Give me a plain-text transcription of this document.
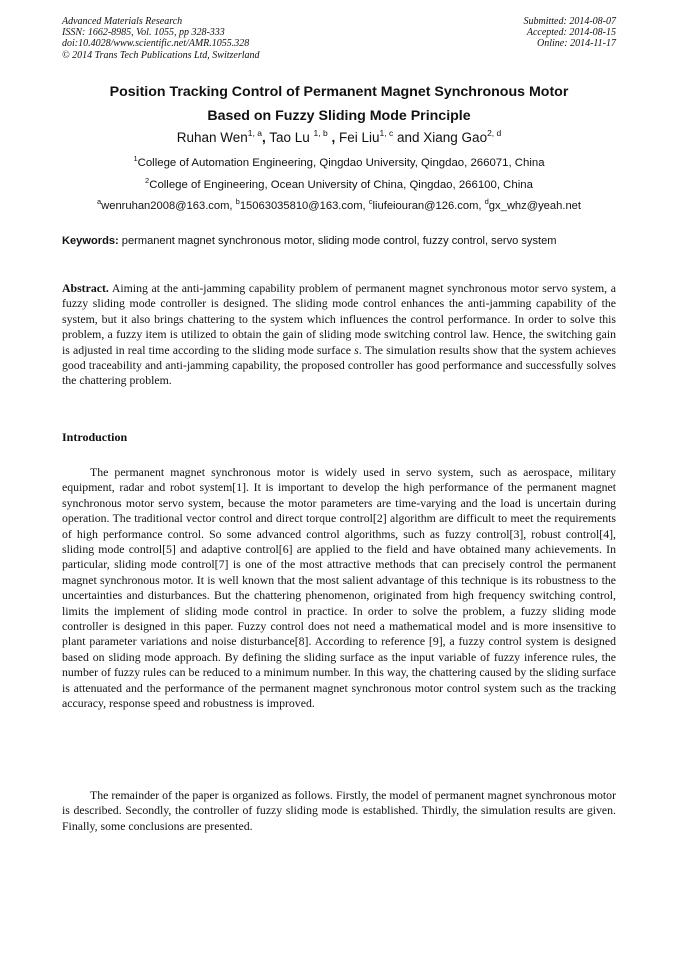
Advanced Materials Research
ISSN: 1662-8985, Vol. 1055, pp 328-333
doi:10.4028/www.scientific.net/AMR.1055.328
© 2014 Trans Tech Publications Ltd, Switzerland
Submitted: 2014-08-07
Accepted: 2014-08-15
Online: 2014-11-17
Position Tracking Control of Permanent Magnet Synchronous Motor
Based on Fuzzy Sliding Mode Principle
Ruhan Wen$^{1, a}$, Tao Lu $^{1, b}$ , Fei Liu$^{1, c}$ and Xiang Gao$^{2, d}$
$^1$College of Automation Engineering, Qingdao University, Qingdao, 266071, China
$^2$College of Engineering, Ocean University of China, Qingdao, 266100, China
$^a$wenruhan2008@163.com, $^b$15063035810@163.com, $^c$liufeiouran@126.com, $^d$gx_whz@yeah.net
Keywords: permanent magnet synchronous motor, sliding mode control, fuzzy control, servo system
Abstract. Aiming at the anti-jamming capability problem of permanent magnet synchronous motor servo system, a fuzzy sliding mode controller is designed. The sliding mode control enhances the anti-jamming capability of the system, but it also brings chattering to the system which influences the control performance. In order to solve this problem, a fuzzy item is utilized to obtain the gain of sliding mode switching control law. Hence, the switching gain is adjusted in real time according to the sliding mode surface s. The simulation results show that the system achieves good traceability and anti-jamming capability, the proposed controller has good performance and successfully solves the chattering problem.
Introduction
The permanent magnet synchronous motor is widely used in servo system, such as aerospace, military equipment, radar and robot system[1]. It is important to develop the high performance of the permanent magnet synchronous motor servo system, because the motor parameters are time-varying and the load is uncertain during operation. The traditional vector control and direct torque control[2] algorithm are difficult to meet the requirements of high performance control. So some advanced control algorithms, such as fuzzy control[3], robust control[4], sliding mode control[5] and adaptive control[6] are applied to the field and have obtained many achievements. In particular, sliding mode control[7] is one of the most attractive methods that can precisely control the permanent magnet synchronous motor. It is well known that the most salient advantage of this technique is its robustness to the uncertainties and disturbances. But the chattering phenomenon, originated from high frequency switching control, limits the implement of sliding mode control in practice. In order to solve the problem, a fuzzy sliding mode controller is designed in this paper. Fuzzy control does not need a mathematical model and is more insensitive to plant parameter variations and noise disturbance[8]. According to reference [9], a fuzzy control system is designed based on sliding mode approach. By defining the sliding surface as the input variable of fuzzy inference rules, the number of fuzzy rules can be reduced to a minimum number. In this way, the chattering caused by the sliding surface is attenuated and the performance of the permanent magnet synchronous motor control system such as the tracking accuracy, response speed and robustness is improved.
The remainder of the paper is organized as follows. Firstly, the model of permanent magnet synchronous motor is described. Secondly, the controller of fuzzy sliding mode is established. Thirdly, the simulation results are given. Finally, some conclusions are presented.
